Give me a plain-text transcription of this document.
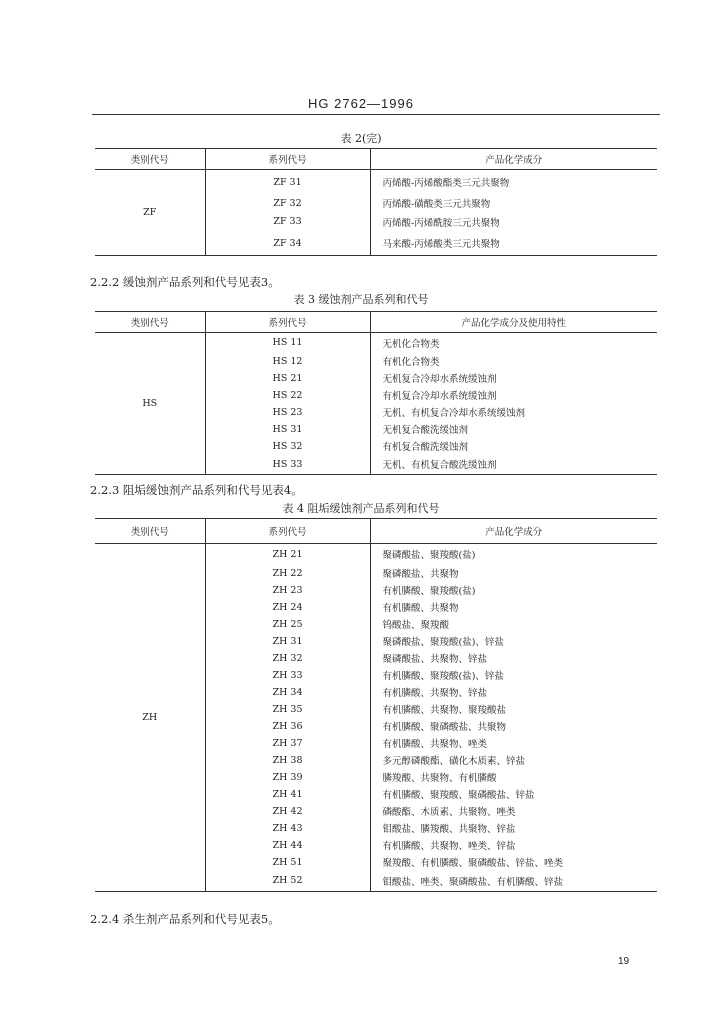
HG 2762—1996
表 2(完)
类别代号	系列代号	产品化学成分
ZF	ZF 31	丙烯酸-丙烯酸酯类三元共聚物
	ZF 32	丙烯酸-磺酸类三元共聚物
	ZF 33	丙烯酸-丙烯酰胺三元共聚物
	ZF 34	马来酸-丙烯酸类三元共聚物
2.2.2 缓蚀剂产品系列和代号见表3。
表 3 缓蚀剂产品系列和代号
类别代号	系列代号	产品化学成分及使用特性
HS	HS 11	无机化合物类
	HS 12	有机化合物类
	HS 21	无机复合冷却水系统缓蚀剂
	HS 22	有机复合冷却水系统缓蚀剂
	HS 23	无机、有机复合冷却水系统缓蚀剂
	HS 31	无机复合酸洗缓蚀剂
	HS 32	有机复合酸洗缓蚀剂
	HS 33	无机、有机复合酸洗缓蚀剂
2.2.3 阻垢缓蚀剂产品系列和代号见表4。
表 4 阻垢缓蚀剂产品系列和代号
类别代号	系列代号	产品化学成分
ZH	ZH 21	聚磷酸盐、聚羧酸(盐)
	ZH 22	聚磷酸盐、共聚物
	ZH 23	有机膦酸、聚羧酸(盐)
	ZH 24	有机膦酸、共聚物
	ZH 25	钨酸盐、聚羧酸
	ZH 31	聚磷酸盐、聚羧酸(盐)、锌盐
	ZH 32	聚磷酸盐、共聚物、锌盐
	ZH 33	有机膦酸、聚羧酸(盐)、锌盐
	ZH 34	有机膦酸、共聚物、锌盐
	ZH 35	有机膦酸、共聚物、聚羧酸盐
	ZH 36	有机膦酸、聚磷酸盐、共聚物
	ZH 37	有机膦酸、共聚物、唑类
	ZH 38	多元醇磷酸酯、磺化木质素、锌盐
	ZH 39	膦羧酸、共聚物、有机膦酸
	ZH 41	有机膦酸、聚羧酸、聚磷酸盐、锌盐
	ZH 42	磷酸酯、木质素、共聚物、唑类
	ZH 43	钼酸盐、膦羧酸、共聚物、锌盐
	ZH 44	有机膦酸、共聚物、唑类、锌盐
	ZH 51	聚羧酸、有机膦酸、聚磷酸盐、锌盐、唑类
	ZH 52	钼酸盐、唑类、聚磷酸盐、有机膦酸、锌盐
2.2.4 杀生剂产品系列和代号见表5。
19
